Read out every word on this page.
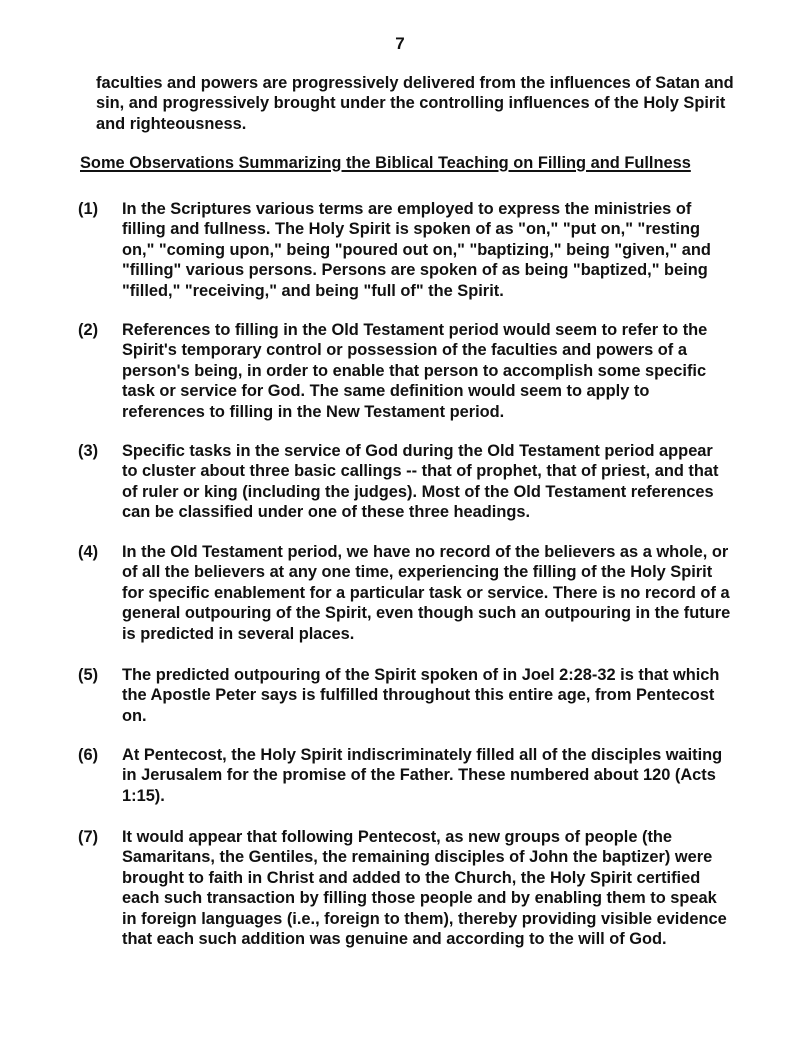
7

faculties and powers are progressively delivered from the influences of Satan and sin, and progressively brought under the controlling influences of the Holy Spirit and righteousness.

Some Observations Summarizing the Biblical Teaching on Filling and Fullness
(1)	In the Scriptures various terms are employed to express the ministries of filling and fullness. The Holy Spirit is spoken of as "on," "put on," "resting on," "coming upon," being "poured out on," "baptizing," being "given," and "filling" various persons. Persons are spoken of as being "baptized," being "filled," "receiving," and being "full of" the Spirit.

(2)	References to filling in the Old Testament period would seem to refer to the Spirit's temporary control or possession of the faculties and powers of a person's being, in order to enable that person to accomplish some specific task or service for God. The same definition would seem to apply to references to filling in the New Testament period.

(3)	Specific tasks in the service of God during the Old Testament period appear to cluster about three basic callings -- that of prophet, that of priest, and that of ruler or king (including the judges). Most of the Old Testament references can be classified under one of these three headings.

(4)	In the Old Testament period, we have no record of the believers as a whole, or of all the believers at any one time, experiencing the filling of the Holy Spirit for specific enablement for a particular task or service. There is no record of a general outpouring of the Spirit, even though such an outpouring in the future is predicted in several places.

(5)	The predicted outpouring of the Spirit spoken of in Joel 2:28-32 is that which the Apostle Peter says is fulfilled throughout this entire age, from Pentecost on.

(6)	At Pentecost, the Holy Spirit indiscriminately filled all of the disciples waiting in Jerusalem for the promise of the Father. These numbered about 120 (Acts 1:15).

(7)	It would appear that following Pentecost, as new groups of people (the Samaritans, the Gentiles, the remaining disciples of John the baptizer) were brought to faith in Christ and added to the Church, the Holy Spirit certified each such transaction by filling those people and by enabling them to speak in foreign languages (i.e., foreign to them), thereby providing visible evidence that each such addition was genuine and according to the will of God.
